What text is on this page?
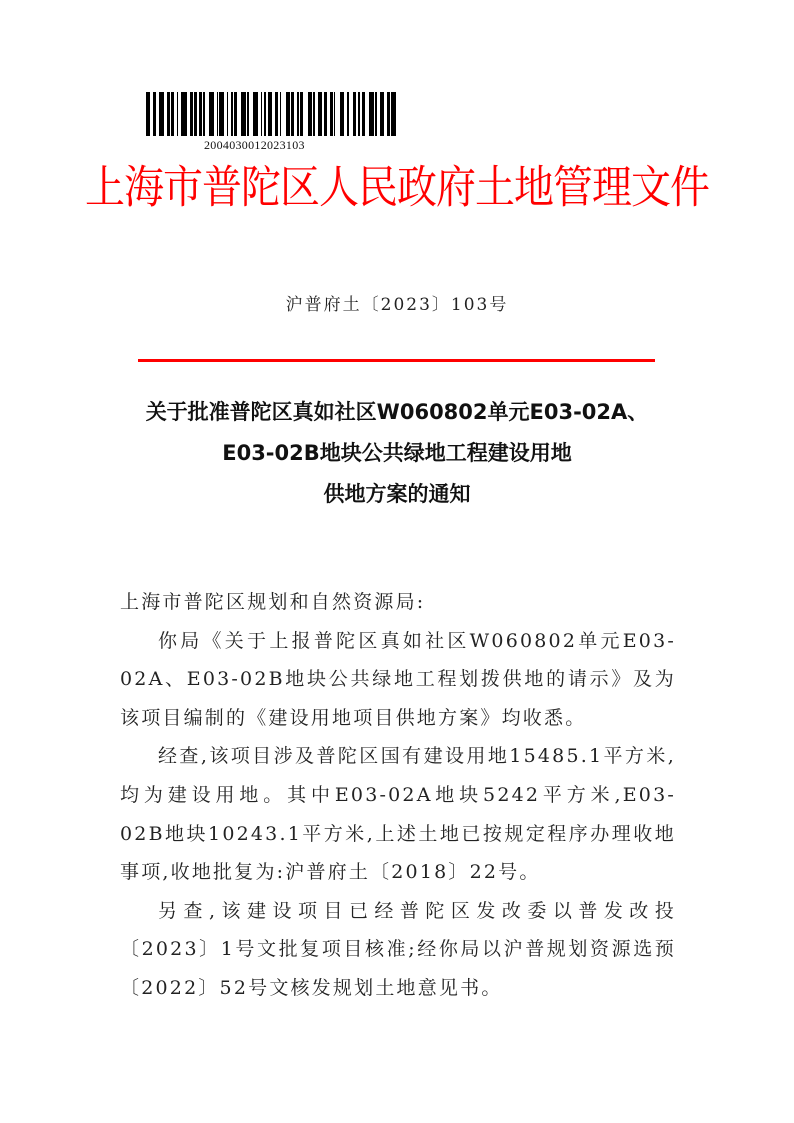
2004030012023103
上海市普陀区人民政府土地管理文件
沪普府土〔2023〕103号
关于批准普陀区真如社区W060802单元E03-02A、
E03-02B地块公共绿地工程建设用地
供地方案的通知

上海市普陀区规划和自然资源局:

你局《关于上报普陀区真如社区W060802单元E03-02A、E03-02B地块公共绿地工程划拨供地的请示》及为该项目编制的《建设用地项目供地方案》均收悉。

经查,该项目涉及普陀区国有建设用地15485.1平方米,均为建设用地。其中E03-02A地块5242平方米,E03-02B地块10243.1平方米,上述土地已按规定程序办理收地事项,收地批复为:沪普府土〔2018〕22号。

另查,该建设项目已经普陀区发改委以普发改投〔2023〕1号文批复项目核准;经你局以沪普规划资源选预〔2022〕52号文核发规划土地意见书。
